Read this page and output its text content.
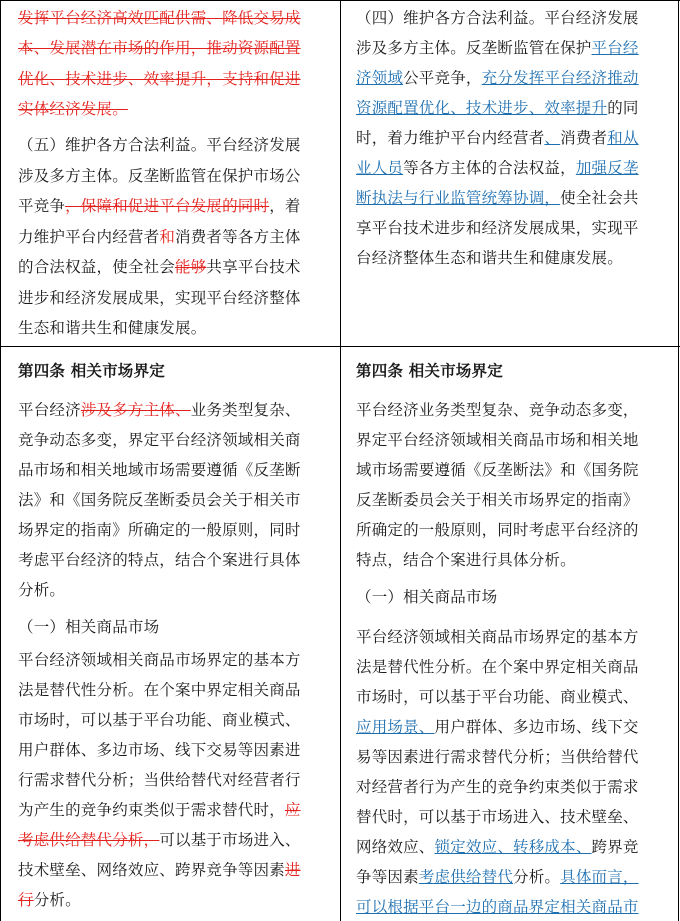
发挥平台经济高效匹配供需、降低交易成
本、发展潜在市场的作用，推动资源配置
优化、技术进步、效率提升，支持和促进
实体经济发展。
（五）维护各方合法利益。平台经济发展
涉及多方主体。反垄断监管在保护市场公
平竞争，保障和促进平台发展的同时，着
力维护平台内经营者和消费者等各方主体
的合法权益，使全社会能够共享平台技术
进步和经济发展成果，实现平台经济整体
生态和谐共生和健康发展。
（四）维护各方合法利益。平台经济发展
涉及多方主体。反垄断监管在保护平台经
济领域公平竞争，充分发挥平台经济推动
资源配置优化、技术进步、效率提升的同
时，着力维护平台内经营者、消费者和从
业人员等各方主体的合法权益，加强反垄
断执法与行业监管统筹协调，使全社会共
享平台技术进步和经济发展成果，实现平
台经济整体生态和谐共生和健康发展。
平台经济涉及多方主体、业务类型复杂、
竞争动态多变，界定平台经济领域相关商
品市场和相关地域市场需要遵循《反垄断
法》和《国务院反垄断委员会关于相关市
场界定的指南》所确定的一般原则，同时
考虑平台经济的特点，结合个案进行具体
分析。
平台经济领域相关商品市场界定的基本方
法是替代性分析。在个案中界定相关商品
市场时，可以基于平台功能、商业模式、
用户群体、多边市场、线下交易等因素进
行需求替代分析；当供给替代对经营者行
为产生的竞争约束类似于需求替代时，应
考虑供给替代分析，可以基于市场进入、
技术壁垒、网络效应、跨界竞争等因素进
行分析。
第四条 相关市场界定
（一）相关商品市场
平台经济业务类型复杂、竞争动态多变，
界定平台经济领域相关商品市场和相关地
域市场需要遵循《反垄断法》和《国务院
反垄断委员会关于相关市场界定的指南》
所确定的一般原则，同时考虑平台经济的
特点，结合个案进行具体分析。
平台经济领域相关商品市场界定的基本方
法是替代性分析。在个案中界定相关商品
市场时，可以基于平台功能、商业模式、
应用场景、用户群体、多边市场、线下交
易等因素进行需求替代分析；当供给替代
对经营者行为产生的竞争约束类似于需求
替代时，可以基于市场进入、技术壁垒、
网络效应、锁定效应、转移成本、跨界竞
争等因素考虑供给替代分析。具体而言，
可以根据平台一边的商品界定相关商品市
第四条 相关市场界定
（一）相关商品市场
